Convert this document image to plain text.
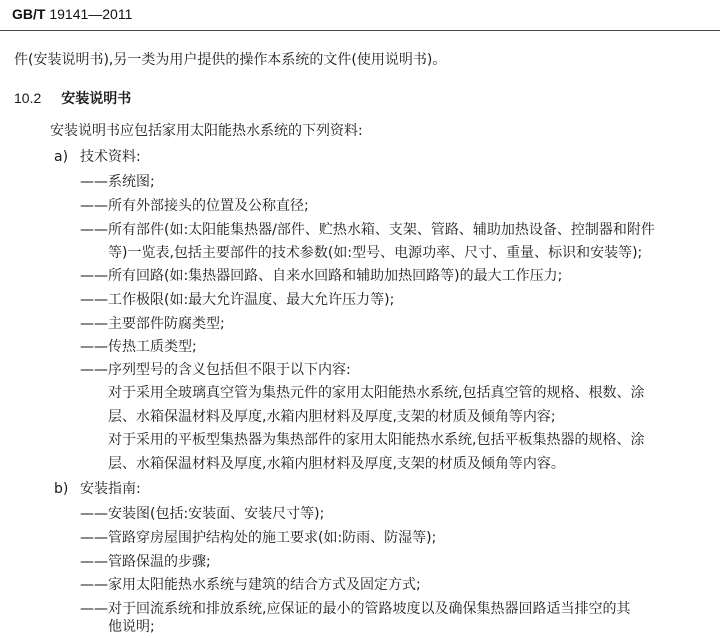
GB/T 19141—2011
件(安装说明书),另一类为用户提供的操作本系统的文件(使用说明书)。
10.2 安装说明书
安装说明书应包括家用太阳能热水系统的下列资料:
a) 技术资料:
——系统图;
——所有外部接头的位置及公称直径;
——所有部件(如:太阳能集热器/部件、贮热水箱、支架、管路、辅助加热设备、控制器和附件
等)一览表,包括主要部件的技术参数(如:型号、电源功率、尺寸、重量、标识和安装等);
——所有回路(如:集热器回路、自来水回路和辅助加热回路等)的最大工作压力;
——工作极限(如:最大允许温度、最大允许压力等);
——主要部件防腐类型;
——传热工质类型;
——序列型号的含义包括但不限于以下内容:
对于采用全玻璃真空管为集热元件的家用太阳能热水系统,包括真空管的规格、根数、涂
层、水箱保温材料及厚度,水箱内胆材料及厚度,支架的材质及倾角等内容;
对于采用的平板型集热器为集热部件的家用太阳能热水系统,包括平板集热器的规格、涂
层、水箱保温材料及厚度,水箱内胆材料及厚度,支架的材质及倾角等内容。
b) 安装指南:
——安装图(包括:安装面、安装尺寸等);
——管路穿房屋围护结构处的施工要求(如:防雨、防湿等);
——管路保温的步骤;
——家用太阳能热水系统与建筑的结合方式及固定方式;
——对于回流系统和排放系统,应保证的最小的管路坡度以及确保集热器回路适当排空的其
他说明;
